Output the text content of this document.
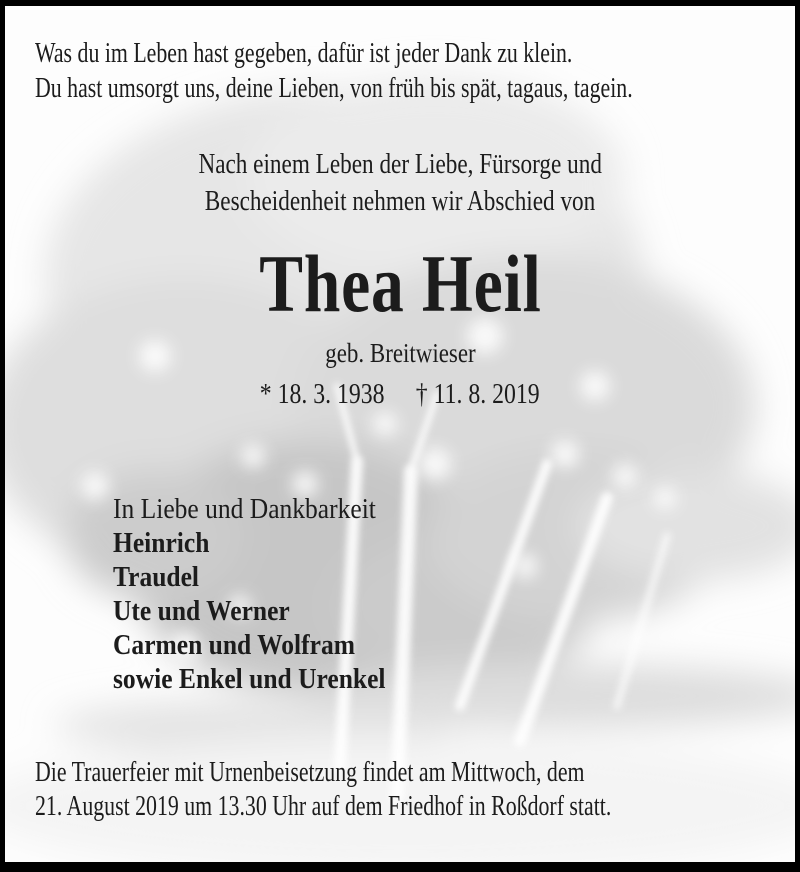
Was du im Leben hast gegeben, dafür ist jeder Dank zu klein.
Du hast umsorgt uns, deine Lieben, von früh bis spät, tagaus, tagein.
Nach einem Leben der Liebe, Fürsorge und
Bescheidenheit nehmen wir Abschied von
Thea Heil
geb. Breitwieser
* 18. 3. 1938 † 11. 8. 2019
In Liebe und Dankbarkeit
Heinrich
Traudel
Ute und Werner
Carmen und Wolfram
sowie Enkel und Urenkel
Die Trauerfeier mit Urnenbeisetzung findet am Mittwoch, dem
21. August 2019 um 13.30 Uhr auf dem Friedhof in Roßdorf statt.
